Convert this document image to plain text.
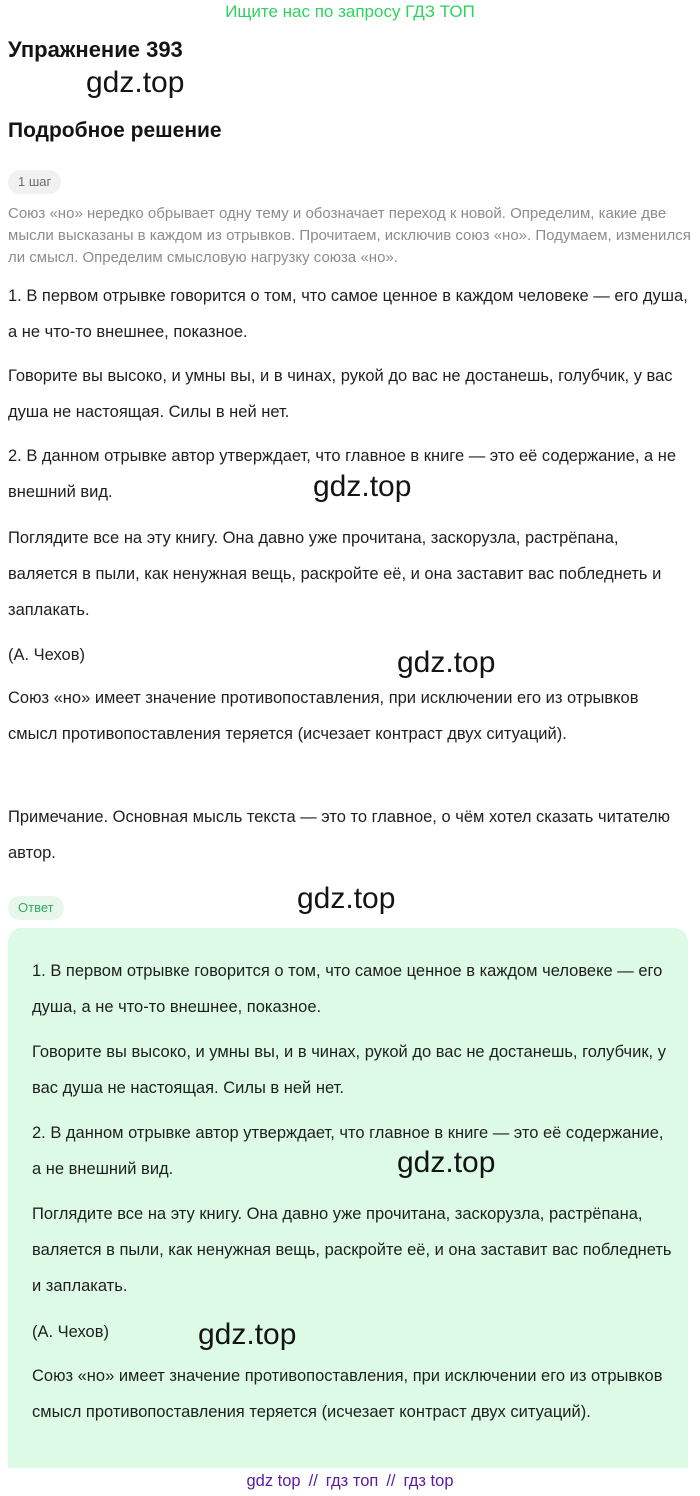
Ищите нас по запросу ГДЗ ТОП
Упражнение 393
gdz.top
Подробное решение
1 шаг

Союз «но» нередко обрывает одну тему и обозначает переход к новой. Определим, какие две мысли высказаны в каждом из отрывков. Прочитаем, исключив союз «но». Подумаем, изменился ли смысл. Определим смысловую нагрузку союза «но».

1. В первом отрывке говорится о том, что самое ценное в каждом человеке — его душа, а не что-то внешнее, показное.

Говорите вы высоко, и умны вы, и в чинах, рукой до вас не достанешь, голубчик, у вас душа не настоящая. Силы в ней нет.

2. В данном отрывке автор утверждает, что главное в книге — это её содержание, а не внешний вид.

Поглядите все на эту книгу. Она давно уже прочитана, заскорузла, растрёпана, валяется в пыли, как ненужная вещь, раскройте её, и она заставит вас побледнеть и заплакать.

(А. Чехов)

Союз «но» имеет значение противопоставления, при исключении его из отрывков смысл противопоставления теряется (исчезает контраст двух ситуаций).

Примечание. Основная мысль текста — это то главное, о чём хотел сказать читателю автор.

gdz.top
gdz.top
Ответ	gdz.top

1. В первом отрывке говорится о том, что самое ценное в каждом человеке — его душа, а не что-то внешнее, показное.

Говорите вы высоко, и умны вы, и в чинах, рукой до вас не достанешь, голубчик, у вас душа не настоящая. Силы в ней нет.

2. В данном отрывке автор утверждает, что главное в книге — это её содержание, а не внешний вид.

Поглядите все на эту книгу. Она давно уже прочитана, заскорузла, растрёпана, валяется в пыли, как ненужная вещь, раскройте её, и она заставит вас побледнеть и заплакать.

(А. Чехов)

Союз «но» имеет значение противопоставления, при исключении его из отрывков смысл противопоставления теряется (исчезает контраст двух ситуаций).

gdz.top
gdz.top
gdz top // гдз топ // гдз top
